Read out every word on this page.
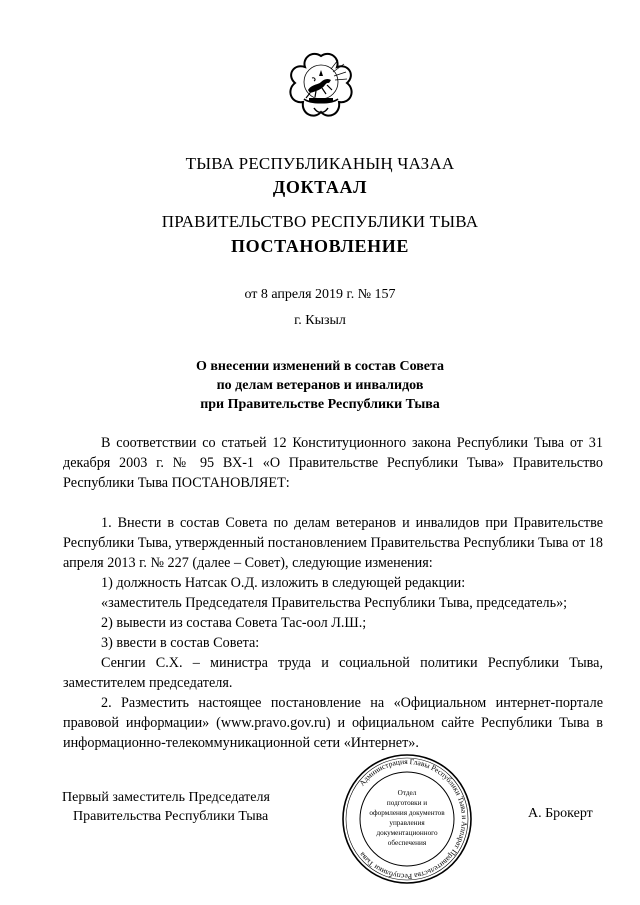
ТЫВА РЕСПУБЛИКАНЫҢ ЧАЗАА
ДОКТААЛ
ПРАВИТЕЛЬСТВО РЕСПУБЛИКИ ТЫВА
ПОСТАНОВЛЕНИЕ
от 8 апреля 2019 г. № 157
г. Кызыл
О внесении изменений в состав Совета
по делам ветеранов и инвалидов
при Правительстве Республики Тыва

В соответствии со статьей 12 Конституционного закона Республики Тыва от 31 декабря 2003 г. № 95 ВХ-1 «О Правительстве Республики Тыва» Правительство Республики Тыва ПОСТАНОВЛЯЕТ:

1. Внести в состав Совета по делам ветеранов и инвалидов при Правительстве Республики Тыва, утвержденный постановлением Правительства Республики Тыва от 18 апреля 2013 г. № 227 (далее – Совет), следующие изменения:

1) должность Натсак О.Д. изложить в следующей редакции:

«заместитель Председателя Правительства Республики Тыва, председатель»;

2) вывести из состава Совета Тас-оол Л.Ш.;

3) ввести в состав Совета:

Сенгии С.Х. – министра труда и социальной политики Республики Тыва, заместителем председателя.

2. Разместить настоящее постановление на «Официальном интернет-портале правовой информации» (www.pravo.gov.ru) и официальном сайте Республики Тыва в информационно-телекоммуникационной сети «Интернет».

Первый заместитель Председателя
Правительства Республики Тыва
Администрация Главы Республики Тыва и Аппарат Правительства Республики Тыва
Отдел
подготовки и
оформления документов
управления
документационного
обеспечения
А. Брокерт
